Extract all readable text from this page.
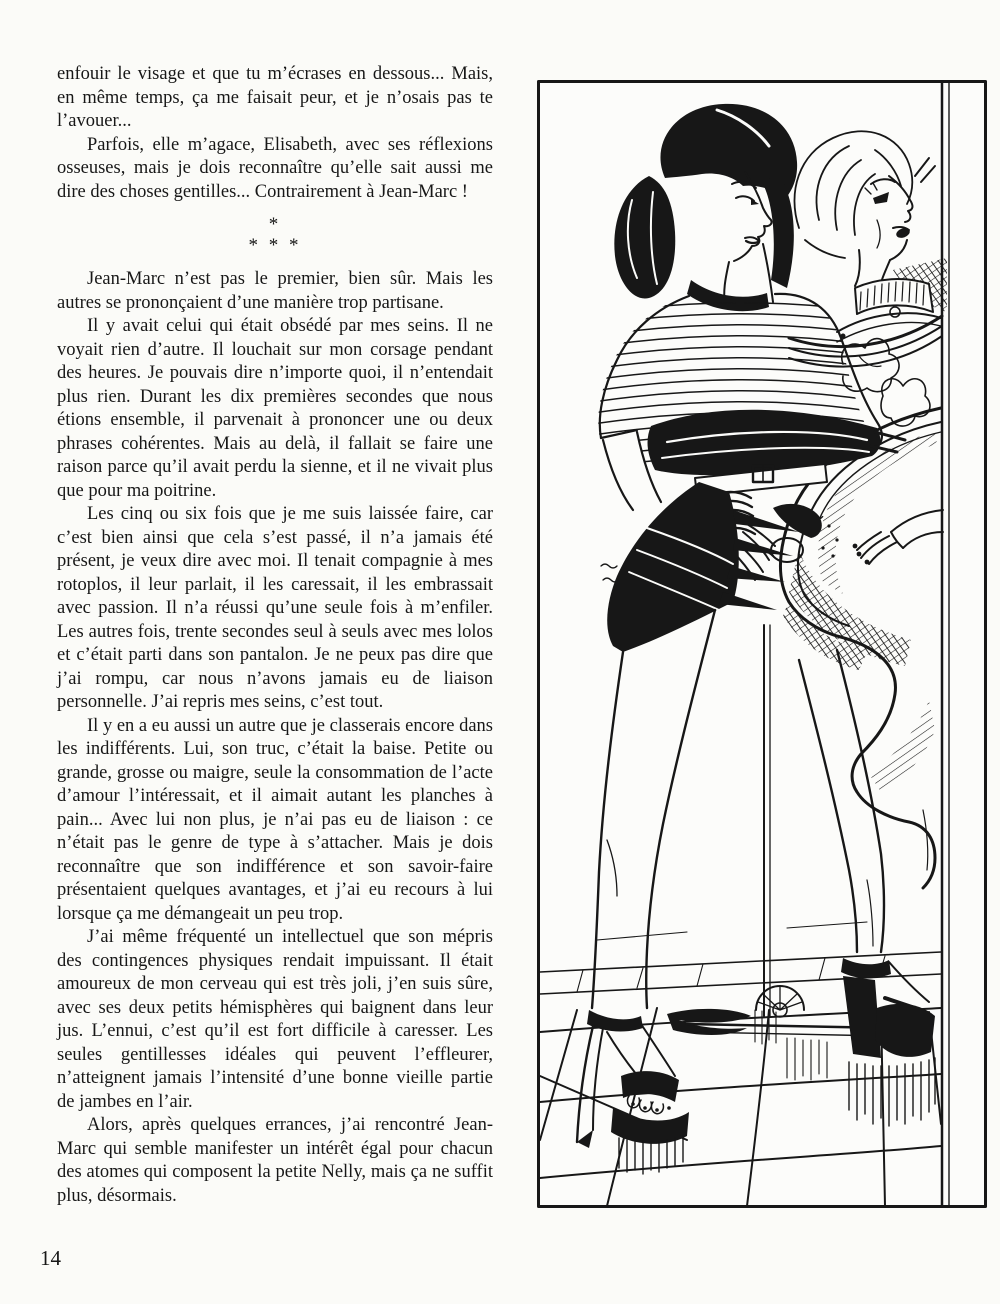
enfouir le visage et que tu m’écrases en dessous... Mais, en même temps, ça me faisait peur, et je n’osais pas te l’avouer...

Parfois, elle m’agace, Elisabeth, avec ses réflexions osseuses, mais je dois reconnaître qu’elle sait aussi me dire des choses gentilles... Contrairement à Jean-Marc !

*
* * *

Jean-Marc n’est pas le premier, bien sûr. Mais les autres se prononçaient d’une manière trop partisane.

Il y avait celui qui était obsédé par mes seins. Il ne voyait rien d’autre. Il louchait sur mon corsage pendant des heures. Je pouvais dire n’importe quoi, il n’entendait plus rien. Durant les dix premières secondes que nous étions ensemble, il parvenait à prononcer une ou deux phrases cohérentes. Mais au delà, il fallait se faire une raison parce qu’il avait perdu la sienne, et il ne vivait plus que pour ma poitrine.

Les cinq ou six fois que je me suis laissée faire, car c’est bien ainsi que cela s’est passé, il n’a jamais été présent, je veux dire avec moi. Il tenait compagnie à mes rotoplos, il leur parlait, il les caressait, il les embrassait avec passion. Il n’a réussi qu’une seule fois à m’enfiler. Les autres fois, trente secondes seul à seuls avec mes lolos et c’était parti dans son pantalon. Je ne peux pas dire que j’ai rompu, car nous n’avons jamais eu de liaison personnelle. J’ai repris mes seins, c’est tout.

Il y en a eu aussi un autre que je classerais encore dans les indifférents. Lui, son truc, c’était la baise. Petite ou grande, grosse ou maigre, seule la consommation de l’acte d’amour l’intéressait, et il aimait autant les planches à pain... Avec lui non plus, je n’ai pas eu de liaison : ce n’était pas le genre de type à s’attacher. Mais je dois reconnaître que son indifférence et son savoir-faire présentaient quelques avantages, et j’ai eu recours à lui lorsque ça me démangeait un peu trop.

J’ai même fréquenté un intellectuel que son mépris des contingences physiques rendait impuissant. Il était amoureux de mon cerveau qui est très joli, j’en suis sûre, avec ses deux petits hémisphères qui baignent dans leur jus. L’ennui, c’est qu’il est fort difficile à caresser. Les seules gentillesses idéales qui peuvent l’effleurer, n’atteignent jamais l’intensité d’une bonne vieille partie de jambes en l’air.

Alors, après quelques errances, j’ai rencontré Jean-Marc qui semble manifester un intérêt égal pour chacun des atomes qui composent la petite Nelly, mais ça ne suffit plus, désormais.

14
